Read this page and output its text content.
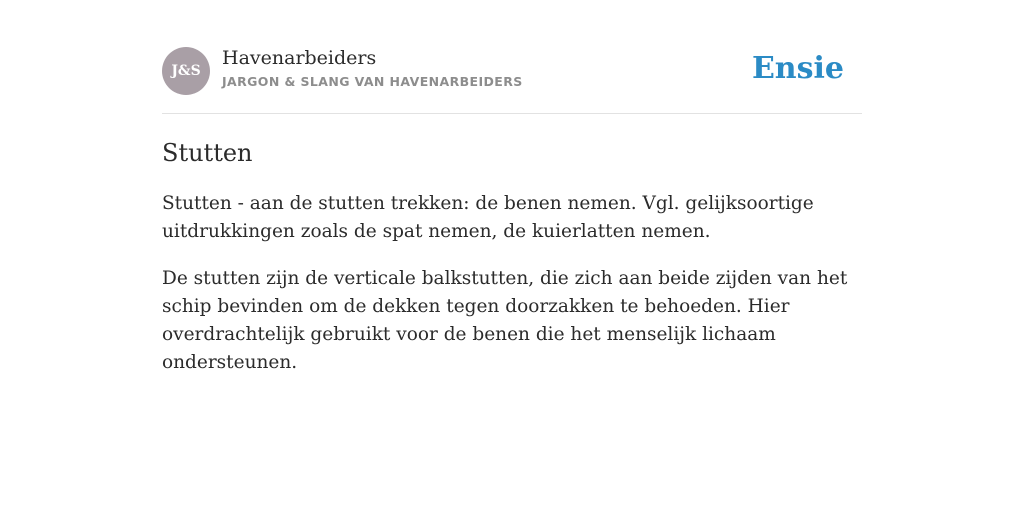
J&S
Havenarbeiders
JARGON & SLANG VAN HAVENARBEIDERS	Ensie
Stutten

Stutten - aan de stutten trekken: de benen nemen. Vgl. gelijksoortige uitdrukkingen zoals de spat nemen, de kuierlatten nemen.

De stutten zijn de verticale balkstutten, die zich aan beide zijden van het schip bevinden om de dekken tegen doorzakken te behoeden. Hier overdrachtelijk gebruikt voor de benen die het menselijk lichaam ondersteunen.
